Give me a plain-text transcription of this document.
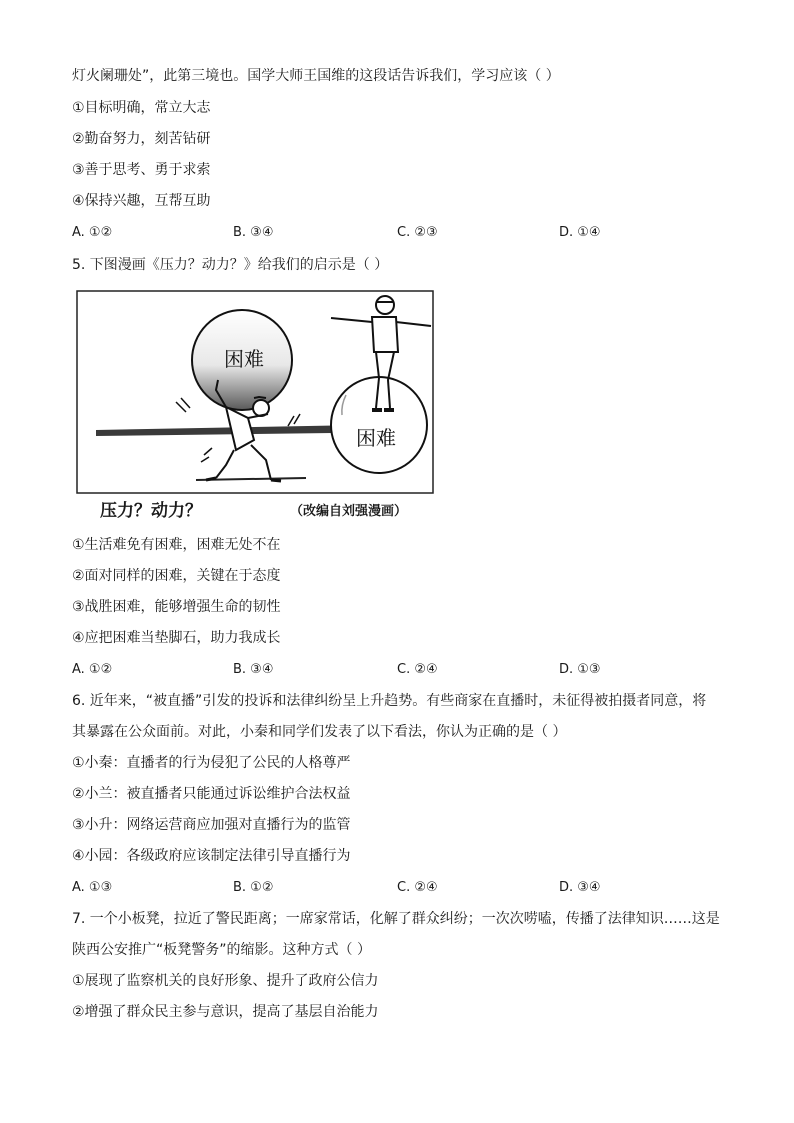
灯火阑珊处”，此第三境也。国学大师王国维的这段话告诉我们，学习应该（ ）
①目标明确，常立大志
②勤奋努力，刻苦钻研
③善于思考、勇于求索
④保持兴趣，互帮互助
A. ①②	B. ③④	C. ②③	D. ①④
5. 下图漫画《压力？动力？》给我们的启示是（ ）
困难
困难
压力？动力？	（改编自刘强漫画）
①生活难免有困难，困难无处不在
②面对同样的困难，关键在于态度
③战胜困难，能够增强生命的韧性
④应把困难当垫脚石，助力我成长
A. ①②	B. ③④	C. ②④	D. ①③
6. 近年来，“被直播”引发的投诉和法律纠纷呈上升趋势。有些商家在直播时，未征得被拍摄者同意，将
其暴露在公众面前。对此，小秦和同学们发表了以下看法，你认为正确的是（ ）
①小秦：直播者的行为侵犯了公民的人格尊严
②小兰：被直播者只能通过诉讼维护合法权益
③小升：网络运营商应加强对直播行为的监管
④小园：各级政府应该制定法律引导直播行为
A. ①③	B. ①②	C. ②④	D. ③④
7. 一个小板凳，拉近了警民距离；一席家常话，化解了群众纠纷；一次次唠嗑，传播了法律知识……这是
陕西公安推广“板凳警务”的缩影。这种方式（ ）
①展现了监察机关的良好形象、提升了政府公信力
②增强了群众民主参与意识，提高了基层自治能力
